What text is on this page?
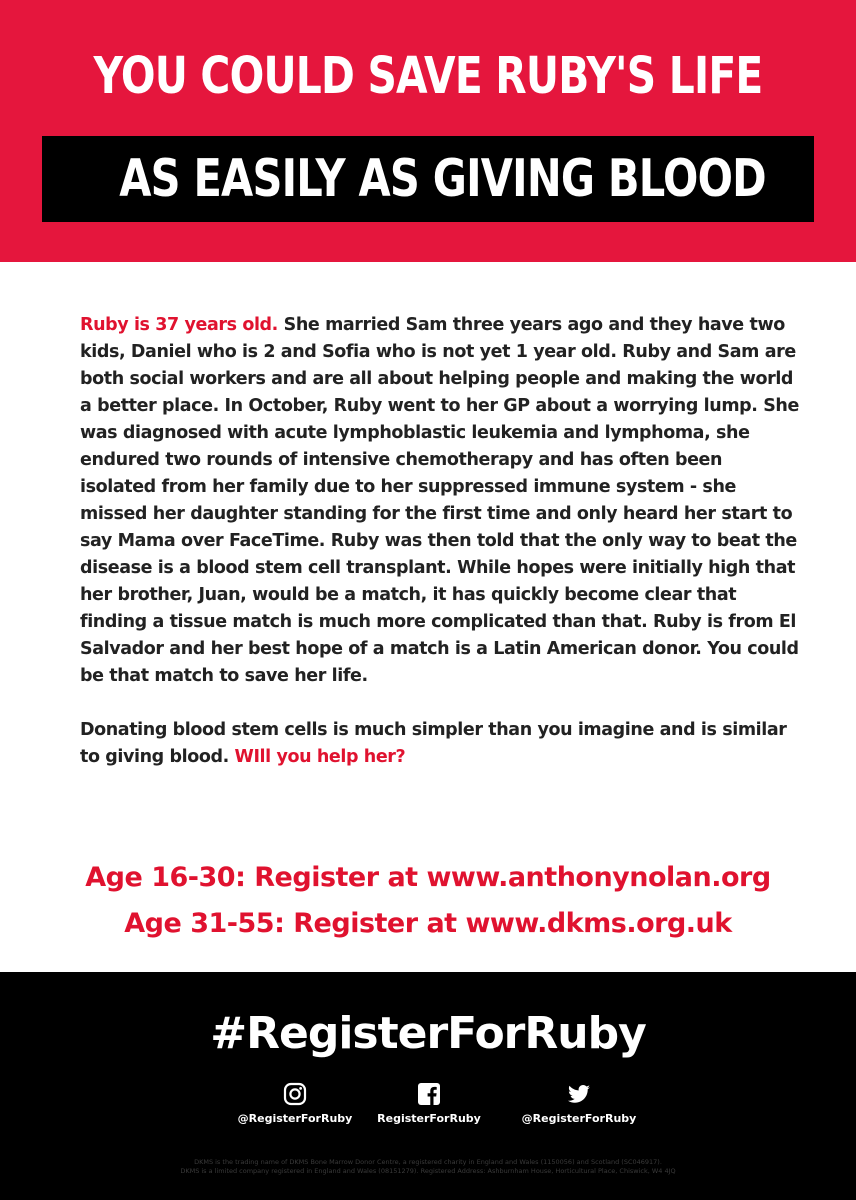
YOU COULD SAVE RUBY'S LIFE
AS EASILY AS GIVING BLOOD

Ruby is 37 years old. She married Sam three years ago and they have two kids, Daniel who is 2 and Sofia who is not yet 1 year old. Ruby and Sam are both social workers and are all about helping people and making the world a better place. In October, Ruby went to her GP about a worrying lump. She was diagnosed with acute lymphoblastic leukemia and lymphoma, she endured two rounds of intensive chemotherapy and has often been isolated from her family due to her suppressed immune system - she missed her daughter standing for the first time and only heard her start to say Mama over FaceTime. Ruby was then told that the only way to beat the disease is a blood stem cell transplant. While hopes were initially high that her brother, Juan, would be a match, it has quickly become clear that finding a tissue match is much more complicated than that. Ruby is from El Salvador and her best hope of a match is a Latin American donor. You could be that match to save her life.

Donating blood stem cells is much simpler than you imagine and is similar to giving blood. WIll you help her?

Age 16-30: Register at www.anthonynolan.org
Age 31-55: Register at www.dkms.org.uk
#RegisterForRuby
@RegisterForRuby	RegisterForRuby	@RegisterForRuby
DKMS is the trading name of DKMS Bone Marrow Donor Centre, a registered charity in England and Wales (1150056) and Scotland (SC046917).
DKMS is a limited company registered in England and Wales (08151279). Registered Address: Ashburnham House, Horticultural Place, Chiswick, W4 4JQ
